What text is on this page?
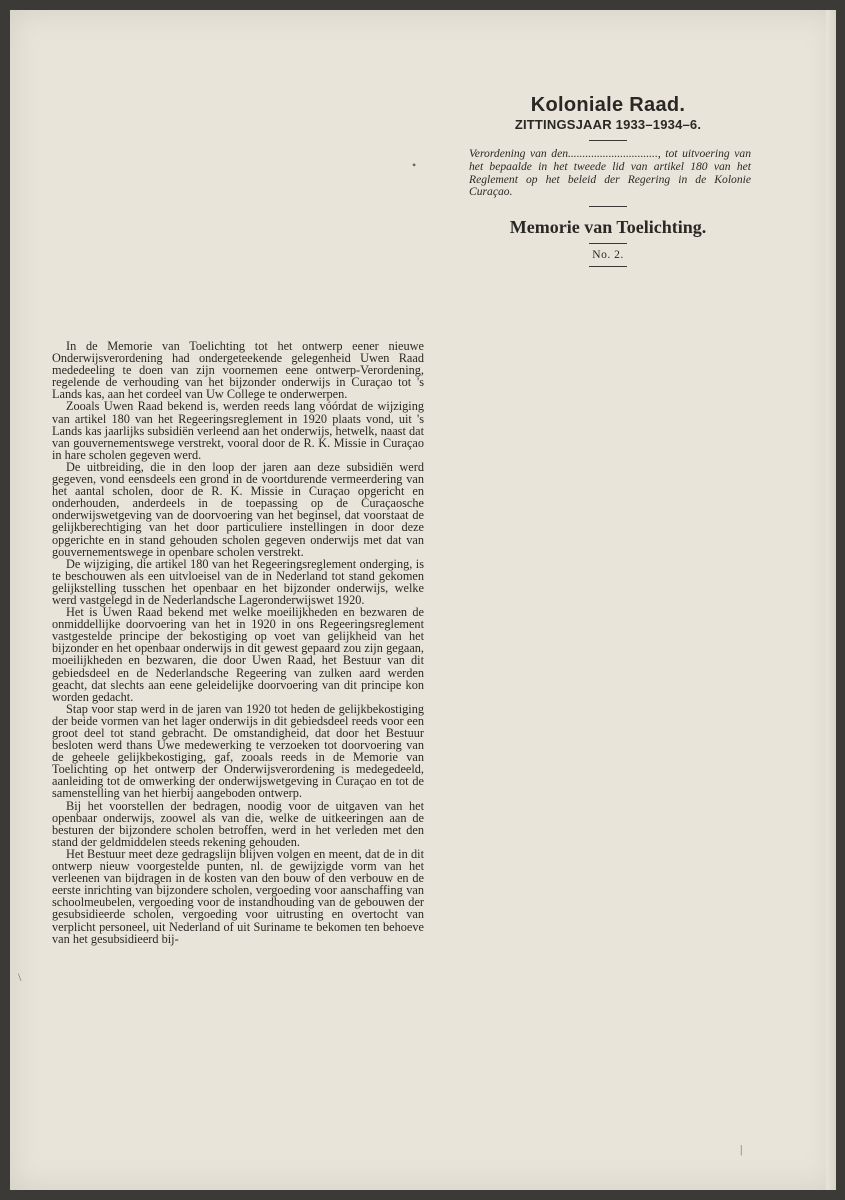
Koloniale Raad.
ZITTINGSJAAR 1933–1934–6.
Verordening van den..............................., tot uitvoering van het bepaalde in het tweede lid van artikel 180 van het Reglement op het beleid der Regering in de Kolonie Curaçao.
Memorie van Toelichting.
No. 2.
•
\
|

In de Memorie van Toelichting tot het ontwerp eener nieuwe Onderwijsverordening had ondergeteekende gelegenheid Uwen Raad mededeeling te doen van zijn voornemen eene ontwerp-Verordening, regelende de verhouding van het bijzonder onderwijs in Curaçao tot 's Lands kas, aan het cordeel van Uw College te onderwerpen.

Zooals Uwen Raad bekend is, werden reeds lang vóórdat de wijziging van artikel 180 van het Regeeringsreglement in 1920 plaats vond, uit 's Lands kas jaarlijks subsidiën verleend aan het onderwijs, hetwelk, naast dat van gouvernementswege verstrekt, vooral door de R. K. Missie in Curaçao in hare scholen gegeven werd.

De uitbreiding, die in den loop der jaren aan deze subsidiën werd gegeven, vond eensdeels een grond in de voortdurende vermeerdering van het aantal scholen, door de R. K. Missie in Curaçao opgericht en onderhouden, anderdeels in de toepassing op de Curaçaosche onderwijswetgeving van de doorvoering van het beginsel, dat voorstaat de gelijkberechtiging van het door particuliere instellingen in door deze opgerichte en in stand gehouden scholen gegeven onderwijs met dat van gouvernementswege in openbare scholen verstrekt.

De wijziging, die artikel 180 van het Regeeringsreglement onderging, is te beschouwen als een uitvloeisel van de in Nederland tot stand gekomen gelijkstelling tusschen het openbaar en het bijzonder onderwijs, welke werd vastgelegd in de Nederlandsche Lageronderwijswet 1920.

Het is Uwen Raad bekend met welke moeilijkheden en bezwaren de onmiddellijke doorvoering van het in 1920 in ons Regeeringsreglement vastgestelde principe der bekostiging op voet van gelijkheid van het bijzonder en het openbaar onderwijs in dit gewest gepaard zou zijn gegaan, moeilijkheden en bezwaren, die door Uwen Raad, het Bestuur van dit gebiedsdeel en de Nederlandsche Regeering van zulken aard werden geacht, dat slechts aan eene geleidelijke doorvoering van dit principe kon worden gedacht.

Stap voor stap werd in de jaren van 1920 tot heden de gelijkbekostiging der beide vormen van het lager onderwijs in dit gebiedsdeel reeds voor een groot deel tot stand gebracht. De omstandigheid, dat door het Bestuur besloten werd thans Uwe medewerking te verzoeken tot doorvoering van de geheele gelijkbekostiging, gaf, zooals reeds in de Memorie van Toelichting op het ontwerp der Onderwijsverordening is medegedeeld, aanleiding tot de omwerking der onderwijswetgeving in Curaçao en tot de samenstelling van het hierbij aangeboden ontwerp.

Bij het voorstellen der bedragen, noodig voor de uitgaven van het openbaar onderwijs, zoowel als van die, welke de uitkeeringen aan de besturen der bijzondere scholen betroffen, werd in het verleden met den stand der geldmiddelen steeds rekening gehouden.

Het Bestuur meet deze gedragslijn blijven volgen en meent, dat de in dit ontwerp nieuw voorgestelde punten, nl. de gewijzigde vorm van het verleenen van bijdragen in de kosten van den bouw of den verbouw en de eerste inrichting van bijzondere scholen, vergoeding voor aanschaffing van schoolmeubelen, vergoeding voor de instandhouding van de gebouwen der gesubsidieerde scholen, vergoeding voor uitrusting en overtocht van verplicht personeel, uit Nederland of uit Suriname te bekomen ten behoeve van het gesubsidieerd bij-
